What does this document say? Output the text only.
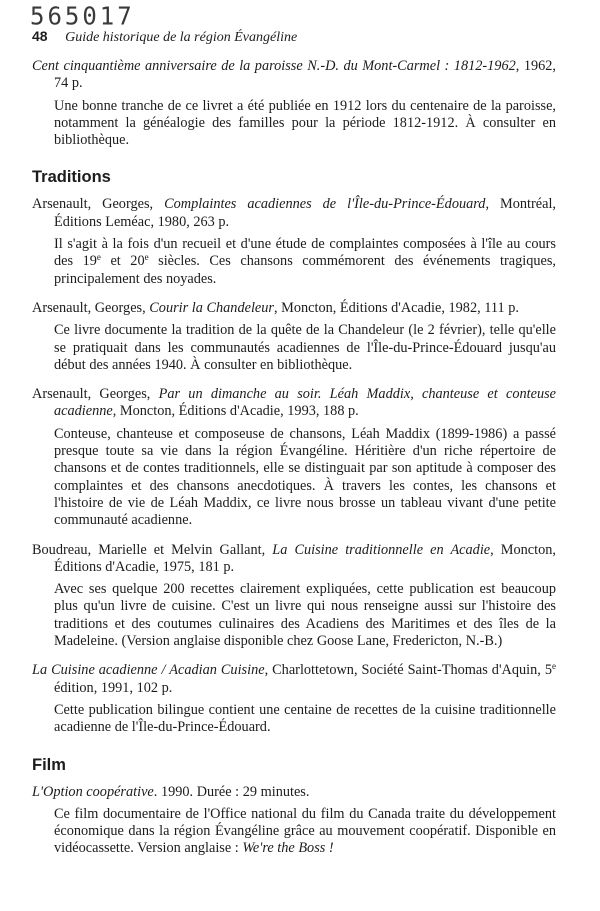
565017
48 Guide historique de la région Évangéline

Cent cinquantième anniversaire de la paroisse N.-D. du Mont-Carmel : 1812-1962, 1962, 74 p.

Une bonne tranche de ce livret a été publiée en 1912 lors du centenaire de la paroisse, notamment la généalogie des familles pour la période 1812-1912. À consulter en bibliothèque.

Traditions

Arsenault, Georges, Complaintes acadiennes de l'Île-du-Prince-Édouard, Montréal, Éditions Leméac, 1980, 263 p.

Il s'agit à la fois d'un recueil et d'une étude de complaintes composées à l'île au cours des 19e et 20e siècles. Ces chansons commémorent des événements tragiques, principalement des noyades.

Arsenault, Georges, Courir la Chandeleur, Moncton, Éditions d'Acadie, 1982, 111 p.

Ce livre documente la tradition de la quête de la Chandeleur (le 2 février), telle qu'elle se pratiquait dans les communautés acadiennes de l'Île-du-Prince-Édouard jusqu'au début des années 1940. À consulter en bibliothèque.

Arsenault, Georges, Par un dimanche au soir. Léah Maddix, chanteuse et conteuse acadienne, Moncton, Éditions d'Acadie, 1993, 188 p.

Conteuse, chanteuse et composeuse de chansons, Léah Maddix (1899-1986) a passé presque toute sa vie dans la région Évangéline. Héritière d'un riche répertoire de chansons et de contes traditionnels, elle se distinguait par son aptitude à composer des complaintes et des chansons anecdotiques. À travers les contes, les chansons et l'histoire de vie de Léah Maddix, ce livre nous brosse un tableau vivant d'une petite communauté acadienne.

Boudreau, Marielle et Melvin Gallant, La Cuisine traditionnelle en Acadie, Moncton, Éditions d'Acadie, 1975, 181 p.

Avec ses quelque 200 recettes clairement expliquées, cette publication est beaucoup plus qu'un livre de cuisine. C'est un livre qui nous renseigne aussi sur l'histoire des traditions et des coutumes culinaires des Acadiens des Maritimes et des îles de la Madeleine. (Version anglaise disponible chez Goose Lane, Fredericton, N.-B.)

La Cuisine acadienne / Acadian Cuisine, Charlottetown, Société Saint-Thomas d'Aquin, 5e édition, 1991, 102 p.

Cette publication bilingue contient une centaine de recettes de la cuisine traditionnelle acadienne de l'Île-du-Prince-Édouard.

Film

L'Option coopérative. 1990. Durée : 29 minutes.

Ce film documentaire de l'Office national du film du Canada traite du développement économique dans la région Évangéline grâce au mouvement coopératif. Disponible en vidéocassette. Version anglaise : We're the Boss !
